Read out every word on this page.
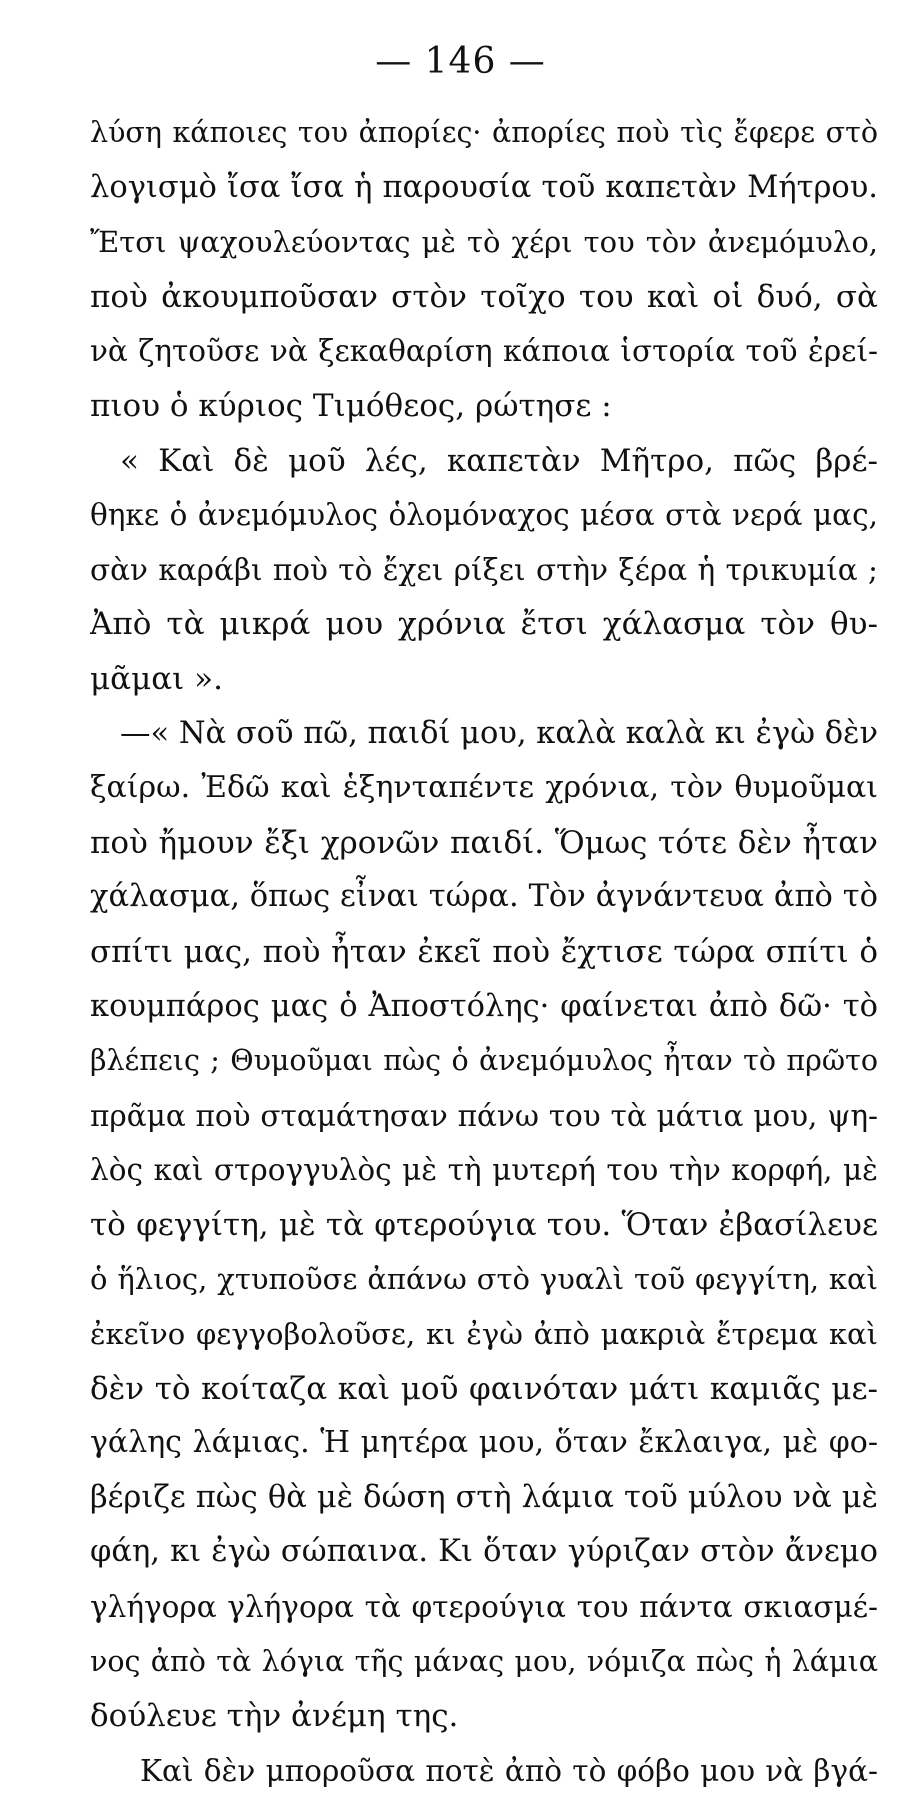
— 146 —
λύση κάποιες του ἀπορίες· ἀπορίες ποὺ τὶς ἔφερε στὸ
λογισμὸ ἴσα ἴσα ἡ παρουσία τοῦ καπετὰν Μήτρου.
Ἔτσι ψαχουλεύοντας μὲ τὸ χέρι του τὸν ἀνεμόμυλο,
ποὺ ἀκουμποῦσαν στὸν τοῖχο του καὶ οἱ δυό, σὰ
νὰ ζητοῦσε νὰ ξεκαθαρίση κάποια ἱστορία τοῦ ἐρεί-
πιου ὁ κύριος Τιμόθεος, ρώτησε :
« Καὶ δὲ μοῦ λές, καπετὰν Μῆτρο, πῶς βρέ-
θηκε ὁ ἀνεμόμυλος ὁλομόναχος μέσα στὰ νερά μας,
σὰν καράβι ποὺ τὸ ἔχει ρίξει στὴν ξέρα ἡ τρικυμία ;
Ἀπὸ τὰ μικρά μου χρόνια ἔτσι χάλασμα τὸν θυ-
μᾶμαι ».
—« Νὰ σοῦ πῶ, παιδί μου, καλὰ καλὰ κι ἐγὼ δὲν
ξαίρω. Ἐδῶ καὶ ἑξηνταπέντε χρόνια, τὸν θυμοῦμαι
ποὺ ἤμουν ἔξι χρονῶν παιδί. Ὅμως τότε δὲν ἦταν
χάλασμα, ὅπως εἶναι τώρα. Τὸν ἀγνάντευα ἀπὸ τὸ
σπίτι μας, ποὺ ἦταν ἐκεῖ ποὺ ἔχτισε τώρα σπίτι ὁ
κουμπάρος μας ὁ Ἀποστόλης· φαίνεται ἀπὸ δῶ· τὸ
βλέπεις ; Θυμοῦμαι πὼς ὁ ἀνεμόμυλος ἦταν τὸ πρῶτο
πρᾶμα ποὺ σταμάτησαν πάνω του τὰ μάτια μου, ψη-
λὸς καὶ στρογγυλὸς μὲ τὴ μυτερή του τὴν κορφή, μὲ
τὸ φεγγίτη, μὲ τὰ φτερούγια του. Ὅταν ἐβασίλευε
ὁ ἥλιος, χτυποῦσε ἀπάνω στὸ γυαλὶ τοῦ φεγγίτη, καὶ
ἐκεῖνο φεγγοβολοῦσε, κι ἐγὼ ἀπὸ μακριὰ ἔτρεμα καὶ
δὲν τὸ κοίταζα καὶ μοῦ φαινόταν μάτι καμιᾶς με-
γάλης λάμιας. Ἡ μητέρα μου, ὅταν ἔκλαιγα, μὲ φο-
βέριζε πὼς θὰ μὲ δώση στὴ λάμια τοῦ μύλου νὰ μὲ
φάη, κι ἐγὼ σώπαινα. Κι ὅταν γύριζαν στὸν ἄνεμο
γλήγορα γλήγορα τὰ φτερούγια του πάντα σκιασμέ-
νος ἀπὸ τὰ λόγια τῆς μάνας μου, νόμιζα πὼς ἡ λάμια
δούλευε τὴν ἀνέμη της.
Καὶ δὲν μποροῦσα ποτὲ ἀπὸ τὸ φόβο μου νὰ βγά-
